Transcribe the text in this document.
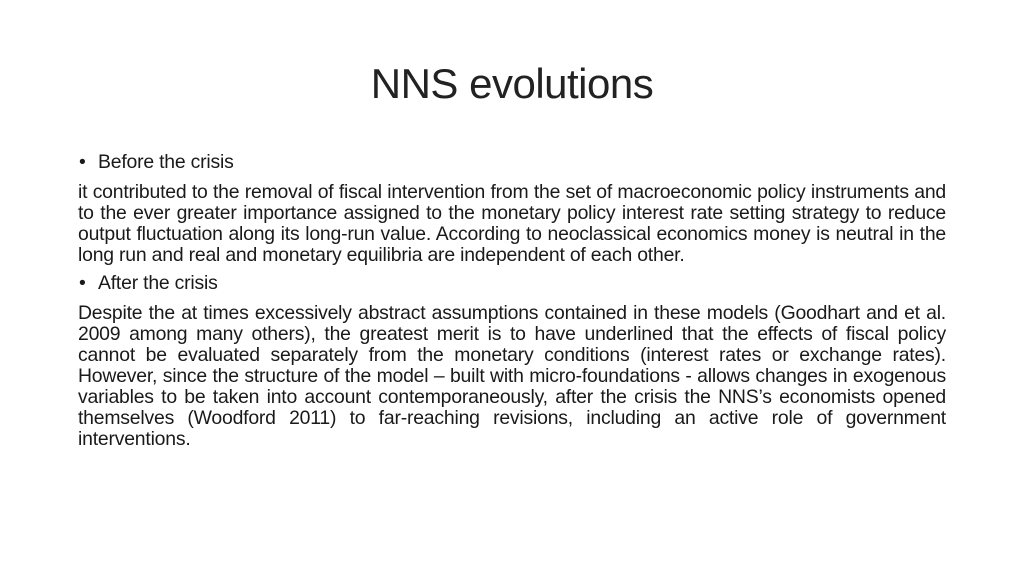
NNS evolutions
• Before the crisis

it contributed to the removal of fiscal intervention from the set of macroeconomic policy instruments and to the ever greater importance assigned to the monetary policy interest rate setting strategy to reduce output fluctuation along its long-run value. According to neoclassical economics money is neutral in the long run and real and monetary equilibria are independent of each other.

• After the crisis

Despite the at times excessively abstract assumptions contained in these models (Goodhart and et al. 2009 among many others), the greatest merit is to have underlined that the effects of fiscal policy cannot be evaluated separately from the monetary conditions (interest rates or exchange rates). However, since the structure of the model – built with micro-foundations - allows changes in exogenous variables to be taken into account contemporaneously, after the crisis the NNS’s economists opened themselves (Woodford 2011) to far-reaching revisions, including an active role of government interventions.
